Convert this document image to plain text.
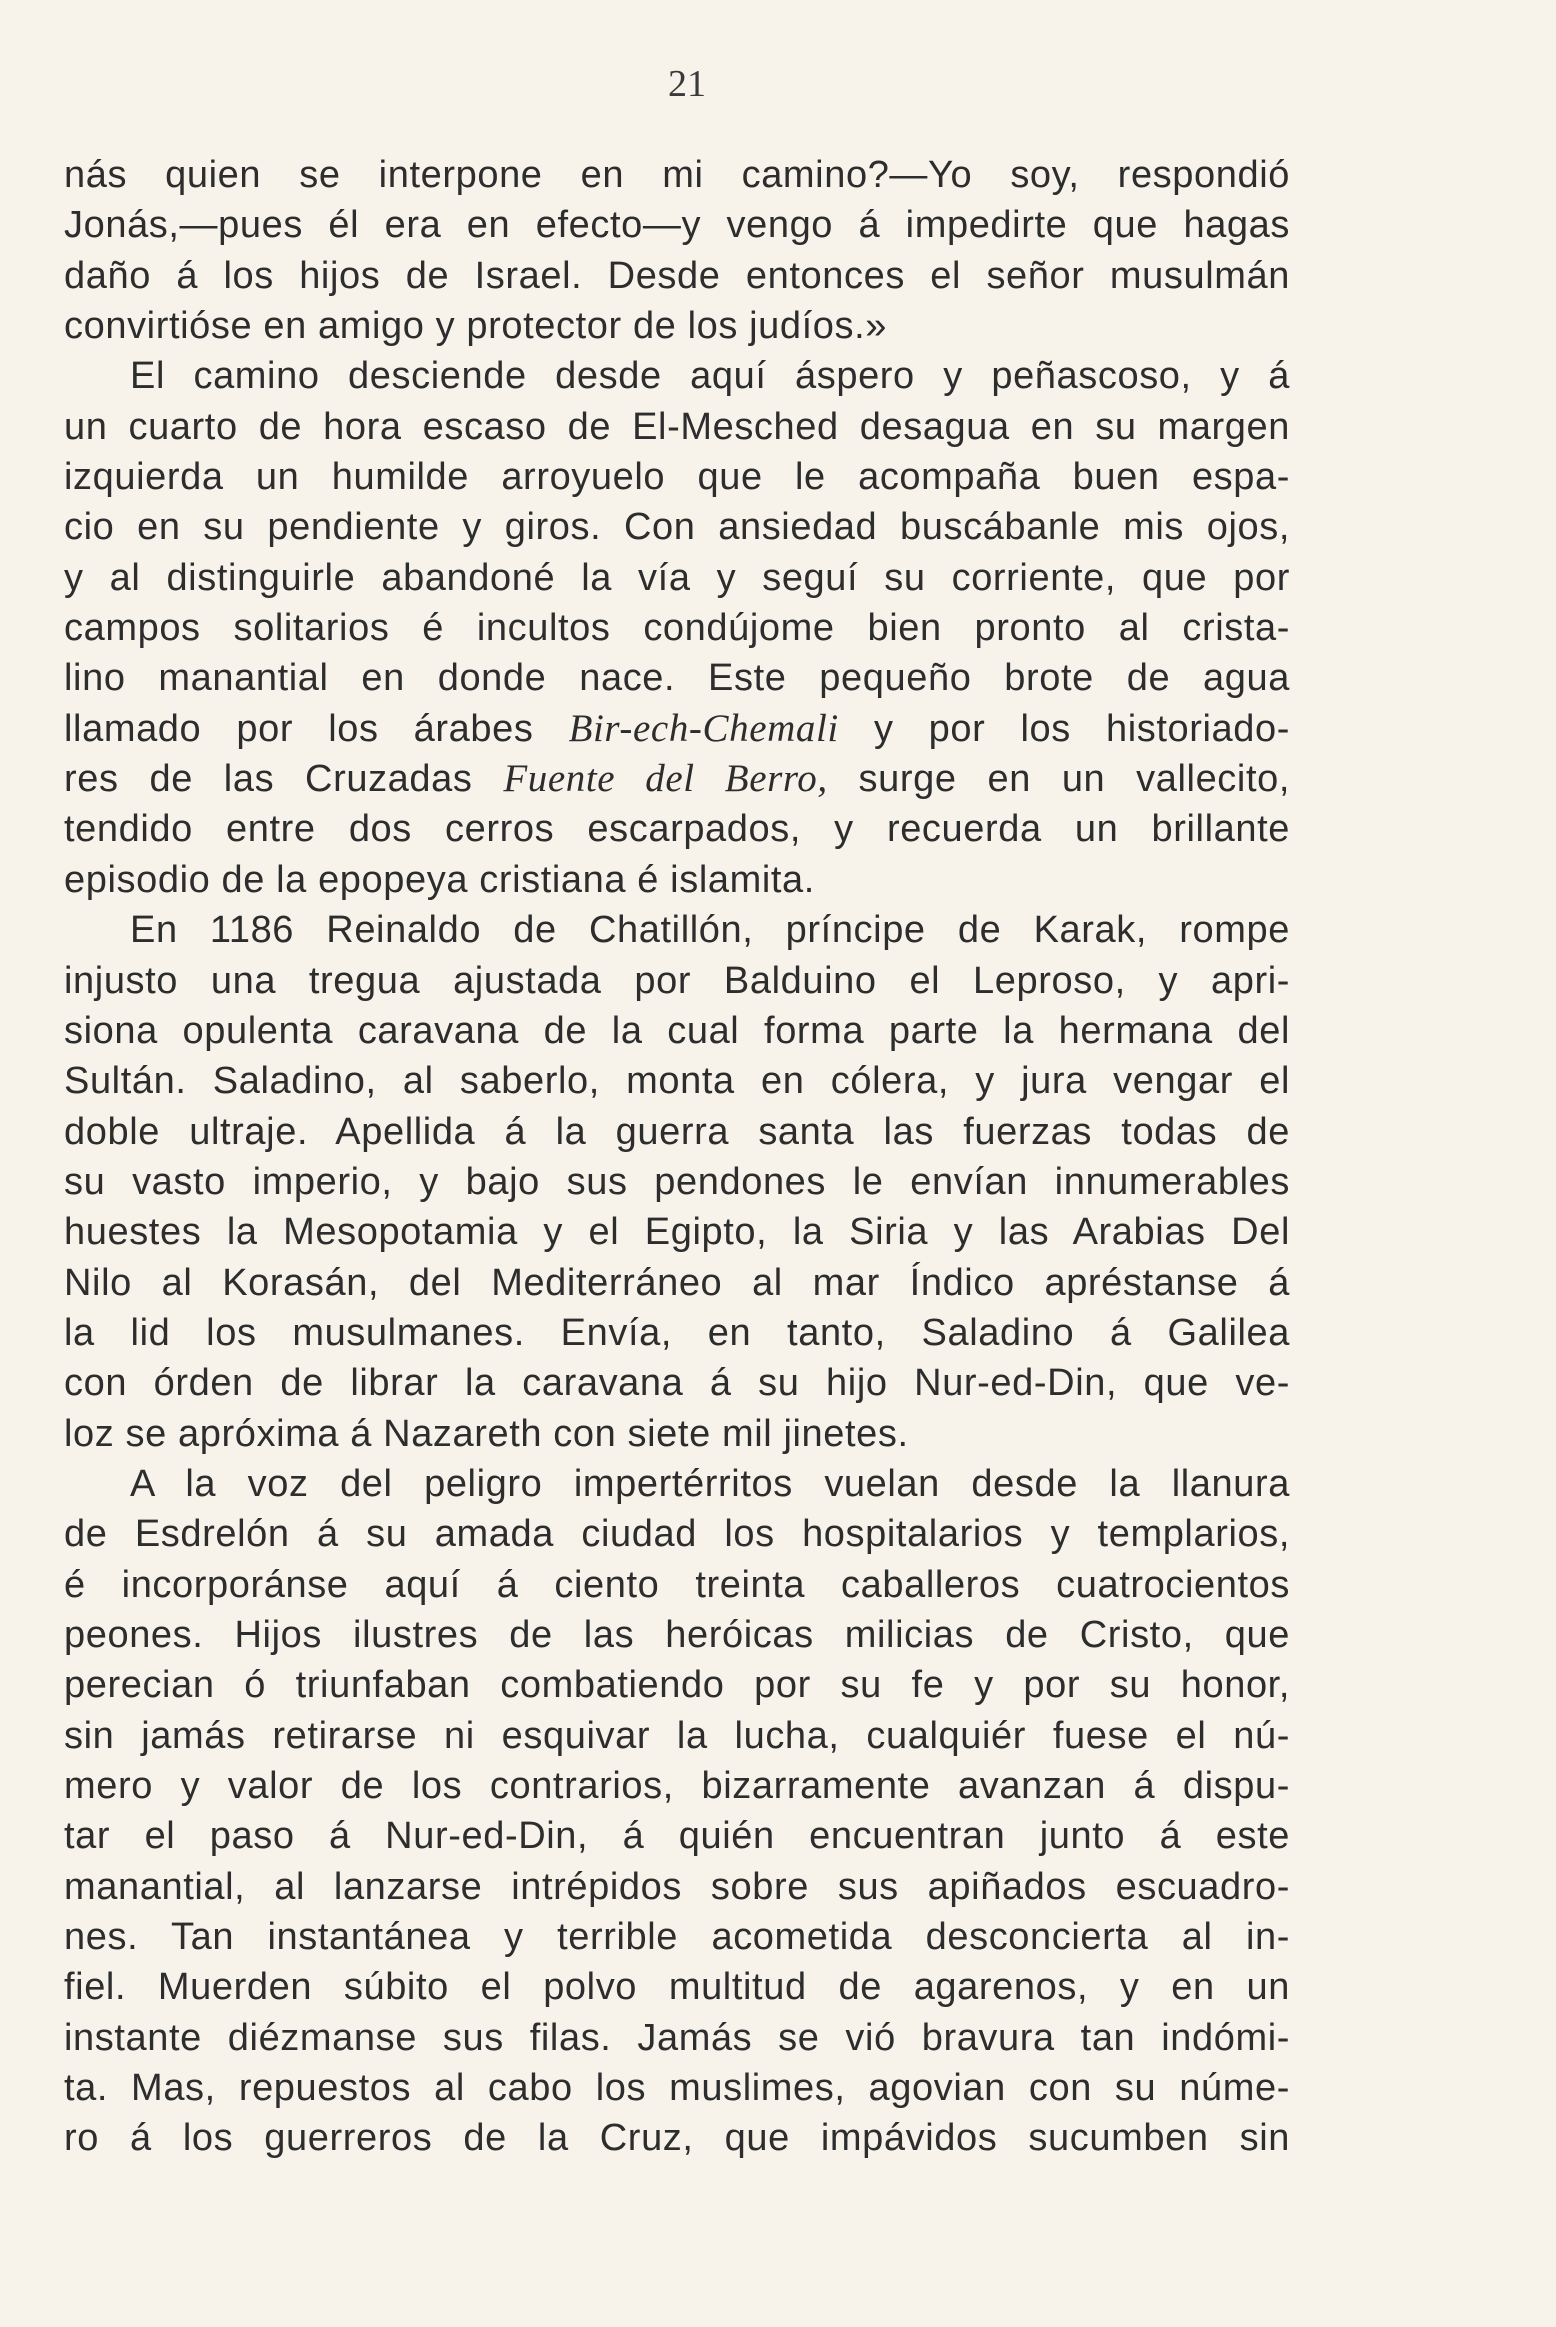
21
nás quien se interpone en mi camino?—Yo soy, respondió
Jonás,—pues él era en efecto—y vengo á impedirte que hagas
daño á los hijos de Israel. Desde entonces el señor musulmán
convirtióse en amigo y protector de los judíos.»
El camino desciende desde aquí áspero y peñascoso, y á
un cuarto de hora escaso de El-Mesched desagua en su margen
izquierda un humilde arroyuelo que le acompaña buen espa-
cio en su pendiente y giros. Con ansiedad buscábanle mis ojos,
y al distinguirle abandoné la vía y seguí su corriente, que por
campos solitarios é incultos condújome bien pronto al crista-
lino manantial en donde nace. Este pequeño brote de agua
llamado por los árabes Bir-ech-Chemali y por los historiado-
res de las Cruzadas Fuente del Berro, surge en un vallecito,
tendido entre dos cerros escarpados, y recuerda un brillante
episodio de la epopeya cristiana é islamita.
En 1186 Reinaldo de Chatillón, príncipe de Karak, rompe
injusto una tregua ajustada por Balduino el Leproso, y apri-
siona opulenta caravana de la cual forma parte la hermana del
Sultán. Saladino, al saberlo, monta en cólera, y jura vengar el
doble ultraje. Apellida á la guerra santa las fuerzas todas de
su vasto imperio, y bajo sus pendones le envían innumerables
huestes la Mesopotamia y el Egipto, la Siria y las Arabias Del
Nilo al Korasán, del Mediterráneo al mar Índico apréstanse á
la lid los musulmanes. Envía, en tanto, Saladino á Galilea
con órden de librar la caravana á su hijo Nur-ed-Din, que ve-
loz se apróxima á Nazareth con siete mil jinetes.
A la voz del peligro impertérritos vuelan desde la llanura
de Esdrelón á su amada ciudad los hospitalarios y templarios,
é incorporánse aquí á ciento treinta caballeros cuatrocientos
peones. Hijos ilustres de las heróicas milicias de Cristo, que
perecian ó triunfaban combatiendo por su fe y por su honor,
sin jamás retirarse ni esquivar la lucha, cualquiér fuese el nú-
mero y valor de los contrarios, bizarramente avanzan á dispu-
tar el paso á Nur-ed-Din, á quién encuentran junto á este
manantial, al lanzarse intrépidos sobre sus apiñados escuadro-
nes. Tan instantánea y terrible acometida desconcierta al in-
fiel. Muerden súbito el polvo multitud de agarenos, y en un
instante diézmanse sus filas. Jamás se vió bravura tan indómi-
ta. Mas, repuestos al cabo los muslimes, agovian con su núme-
ro á los guerreros de la Cruz, que impávidos sucumben sin
